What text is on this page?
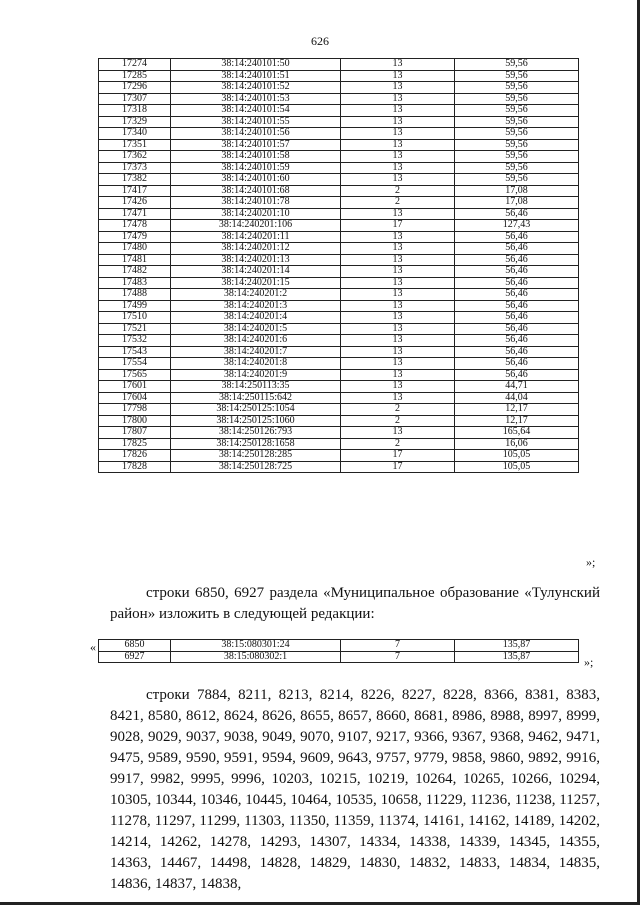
626
17274	38:14:240101:50	13	59,56
17285	38:14:240101:51	13	59,56
17296	38:14:240101:52	13	59,56
17307	38:14:240101:53	13	59,56
17318	38:14:240101:54	13	59,56
17329	38:14:240101:55	13	59,56
17340	38:14:240101:56	13	59,56
17351	38:14:240101:57	13	59,56
17362	38:14:240101:58	13	59,56
17373	38:14:240101:59	13	59,56
17382	38:14:240101:60	13	59,56
17417	38:14:240101:68	2	17,08
17426	38:14:240101:78	2	17,08
17471	38:14:240201:10	13	56,46
17478	38:14:240201:106	17	127,43
17479	38:14:240201:11	13	56,46
17480	38:14:240201:12	13	56,46
17481	38:14:240201:13	13	56,46
17482	38:14:240201:14	13	56,46
17483	38:14:240201:15	13	56,46
17488	38:14:240201:2	13	56,46
17499	38:14:240201:3	13	56,46
17510	38:14:240201:4	13	56,46
17521	38:14:240201:5	13	56,46
17532	38:14:240201:6	13	56,46
17543	38:14:240201:7	13	56,46
17554	38:14:240201:8	13	56,46
17565	38:14:240201:9	13	56,46
17601	38:14:250113:35	13	44,71
17604	38:14:250115:642	13	44,04
17798	38:14:250125:1054	2	12,17
17800	38:14:250125:1060	2	12,17
17807	38:14:250126:793	13	165,64
17825	38:14:250128:1658	2	16,06
17826	38:14:250128:285	17	105,05
17828	38:14:250128:725	17	105,05
»;

строки 6850, 6927 раздела «Муниципальное образование «Тулунский район» изложить в следующей редакции:

«	6850	38:15:080301:24	7	135,87
6927	38:15:080302:1	7	135,87	»;

строки 7884, 8211, 8213, 8214, 8226, 8227, 8228, 8366, 8381, 8383, 8421, 8580, 8612, 8624, 8626, 8655, 8657, 8660, 8681, 8986, 8988, 8997, 8999, 9028, 9029, 9037, 9038, 9049, 9070, 9107, 9217, 9366, 9367, 9368, 9462, 9471, 9475, 9589, 9590, 9591, 9594, 9609, 9643, 9757, 9779, 9858, 9860, 9892, 9916, 9917, 9982, 9995, 9996, 10203, 10215, 10219, 10264, 10265, 10266, 10294, 10305, 10344, 10346, 10445, 10464, 10535, 10658, 11229, 11236, 11238, 11257, 11278, 11297, 11299, 11303, 11350, 11359, 11374, 14161, 14162, 14189, 14202, 14214, 14262, 14278, 14293, 14307, 14334, 14338, 14339, 14345, 14355, 14363, 14467, 14498, 14828, 14829, 14830, 14832, 14833, 14834, 14835, 14836, 14837, 14838,
